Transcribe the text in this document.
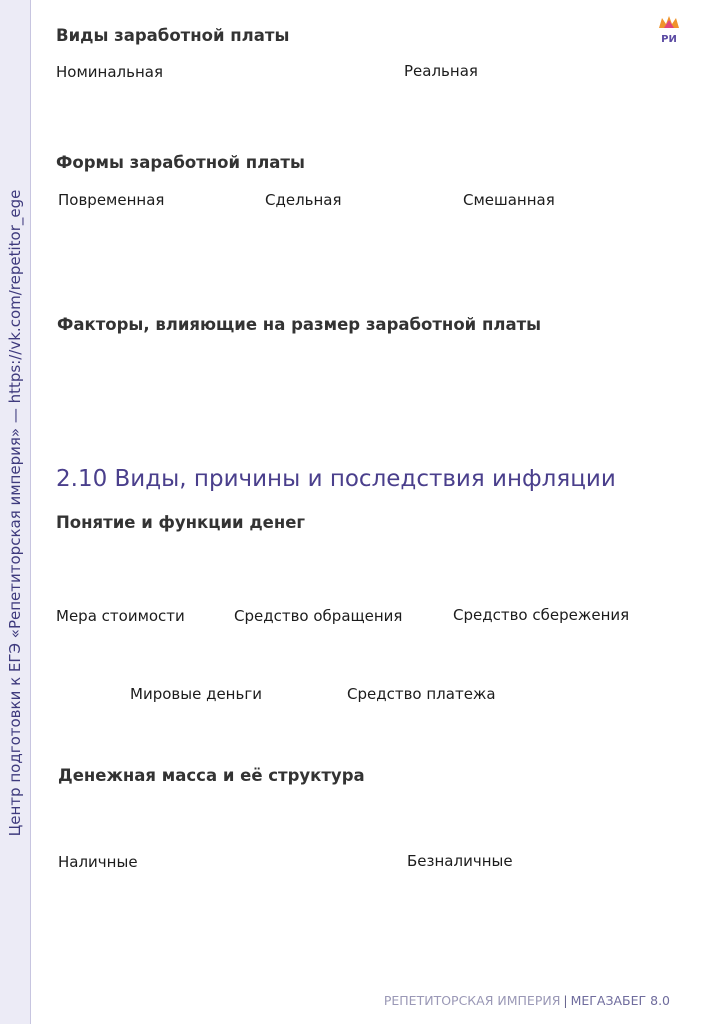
Центр подготовки к ЕГЭ «Репетиторская империя» — https://vk.com/repetitor_ege
РИ

Виды заработной платы

Номинальная	Реальная

Формы заработной платы

Повременная	Сдельная	Смешанная

Факторы, влияющие на размер заработной платы

2.10 Виды, причины и последствия инфляции

Понятие и функции денег

Мера стоимости	Средство обращения	Средство сбережения

Мировые деньги	Средство платежа

Денежная масса и её структура

Наличные	Безналичные

РЕПЕТИТОРСКАЯ ИМПЕРИЯ | МЕГАЗАБЕГ 8.0
